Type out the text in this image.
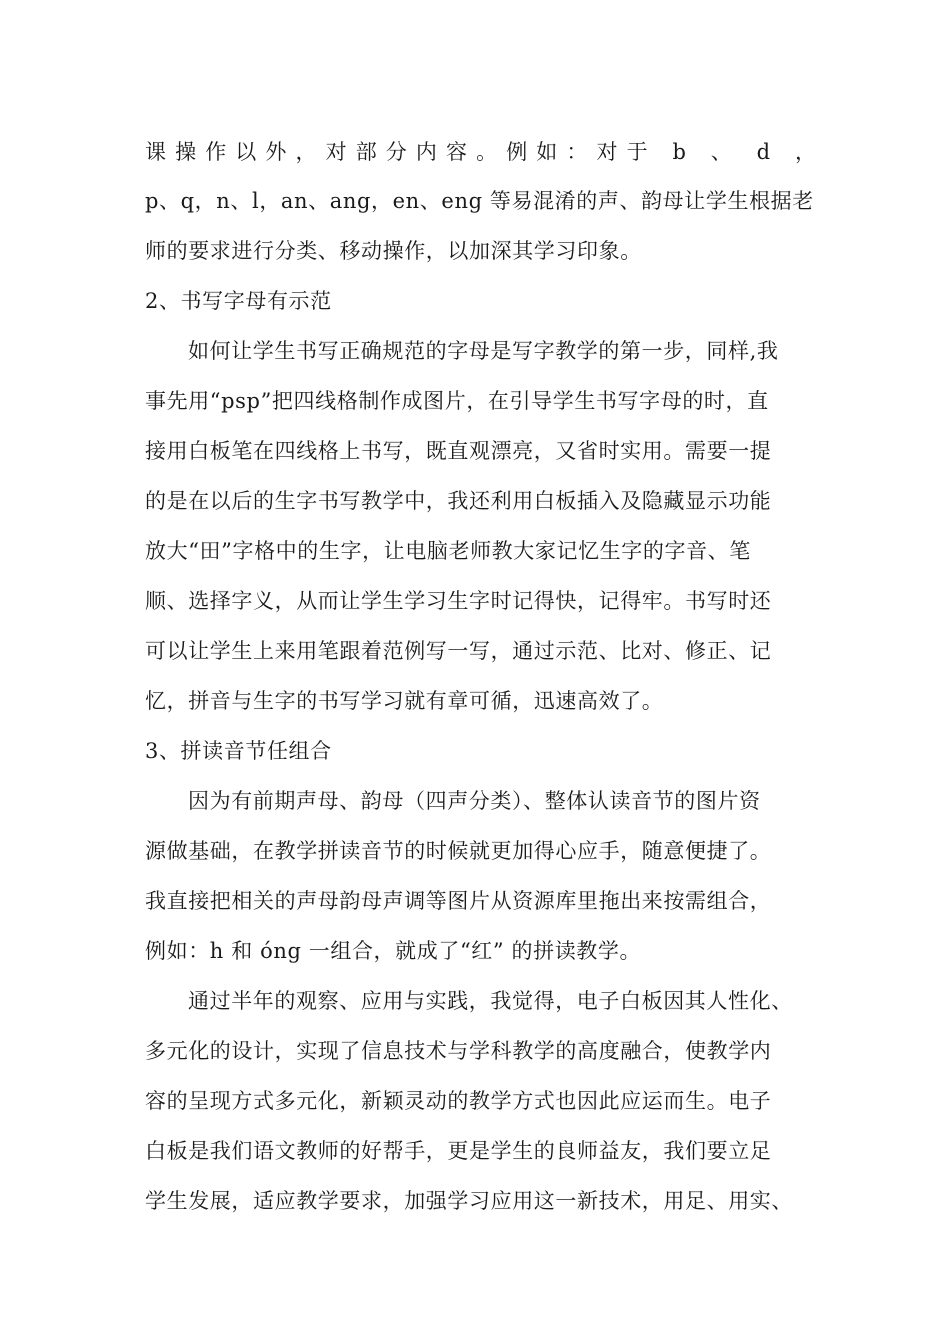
课操作以外，对部分内容。例如：对于 b 、 d ，
p、q，n、l，an、ang，en、eng 等易混淆的声、韵母让学生根据老
师的要求进行分类、移动操作，以加深其学习印象。
2、书写字母有示范
如何让学生书写正确规范的字母是写字教学的第一步，同样,我
事先用“psp”把四线格制作成图片，在引导学生书写字母的时，直
接用白板笔在四线格上书写，既直观漂亮，又省时实用。需要一提
的是在以后的生字书写教学中，我还利用白板插入及隐藏显示功能
放大“田”字格中的生字，让电脑老师教大家记忆生字的字音、笔
顺、选择字义，从而让学生学习生字时记得快，记得牢。书写时还
可以让学生上来用笔跟着范例写一写，通过示范、比对、修正、记
忆，拼音与生字的书写学习就有章可循，迅速高效了。
3、拼读音节任组合
因为有前期声母、韵母（四声分类）、整体认读音节的图片资
源做基础，在教学拼读音节的时候就更加得心应手，随意便捷了。
我直接把相关的声母韵母声调等图片从资源库里拖出来按需组合，
例如：h 和 óng 一组合，就成了“红” 的拼读教学。
通过半年的观察、应用与实践，我觉得，电子白板因其人性化、
多元化的设计，实现了信息技术与学科教学的高度融合，使教学内
容的呈现方式多元化，新颖灵动的教学方式也因此应运而生。电子
白板是我们语文教师的好帮手，更是学生的良师益友，我们要立足
学生发展，适应教学要求，加强学习应用这一新技术，用足、用实、
